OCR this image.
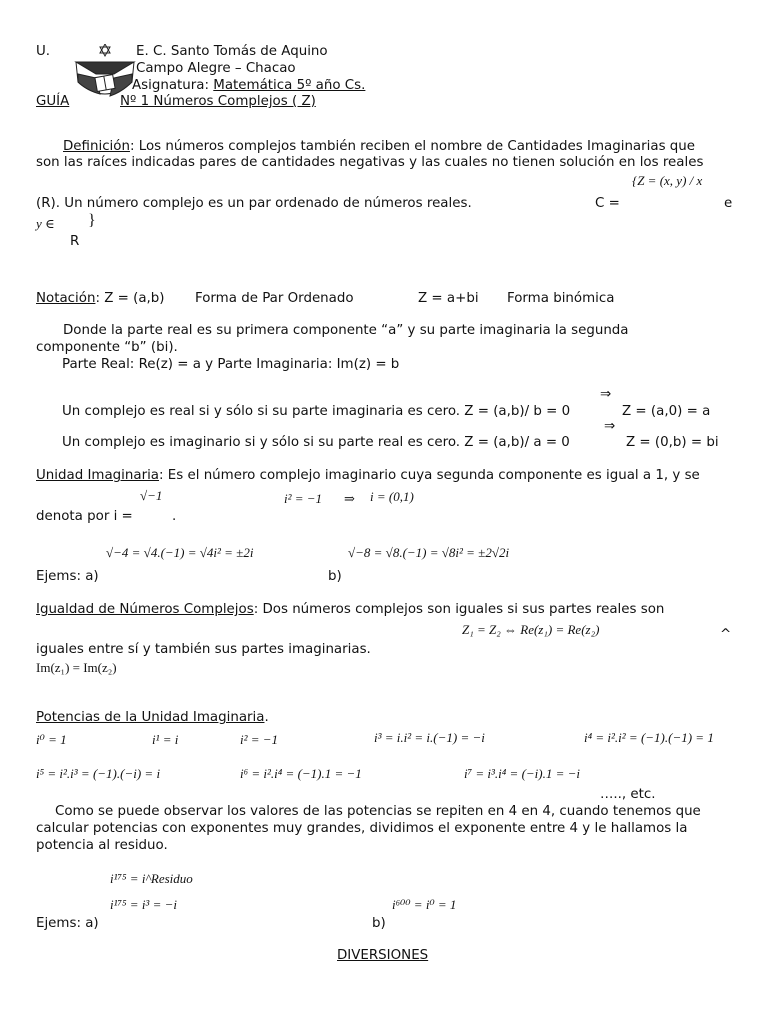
U.	E. C. Santo Tomás de Aquino
Campo Alegre – Chacao
Asignatura: Matemática 5º año Cs.
GUÍA	Nº 1 Números Complejos ( Z)
Definición: Los números complejos también reciben el nombre de Cantidades Imaginarias que
son las raíces indicadas pares de cantidades negativas y las cuales no tienen solución en los reales
{Z = (x, y) / x
(R). Un número complejo es un par ordenado de números reales.	C =	e
y ∈ }
R
Notación: Z = (a,b) Forma de Par Ordenado	Z = a+bi Forma binómica
Donde la parte real es su primera componente “a” y su parte imaginaria la segunda
componente “b” (bi).
Parte Real: Re(z) = a y Parte Imaginaria: Im(z) = b
⇒
Un complejo es real si y sólo si su parte imaginaria es cero. Z = (a,b)/ b = 0	Z = (a,0) = a
⇒
Un complejo es imaginario si y sólo si su parte real es cero. Z = (a,b)/ a = 0	Z = (0,b) = bi
Unidad Imaginaria: Es el número complejo imaginario cuya segunda componente es igual a 1, y se
√−1	i² = −1 ⇒ i = (0,1)
denota por i =	.
√−4 = √4.(−1) = √4i² = ±2i	√−8 = √8.(−1) = √8i² = ±2√2i
Ejems: a)	b)
Igualdad de Números Complejos: Dos números complejos son iguales si sus partes reales son
Z₁ = Z₂ ⇔ Re(z₁) = Re(z₂)	^
iguales entre sí y también sus partes imaginarias.
Im(z₁) = Im(z₂)
Potencias de la Unidad Imaginaria.
i⁰ = 1	i¹ = i	i² = −1	i³ = i.i² = i.(−1) = −i	i⁴ = i².i² = (−1).(−1) = 1
i⁵ = i².i³ = (−1).(−i) = i	i⁶ = i².i⁴ = (−1).1 = −1	i⁷ = i³.i⁴ = (−i).1 = −i
….., etc.
Como se puede observar los valores de las potencias se repiten en 4 en 4, cuando tenemos que
calcular potencias con exponentes muy grandes, dividimos el exponente entre 4 y le hallamos la
potencia al residuo.
i¹⁷⁵ = i^Residuo
i¹⁷⁵ = i³ = −i	i⁶⁰⁰ = i⁰ = 1
Ejems: a)	b)
DIVERSIONES
